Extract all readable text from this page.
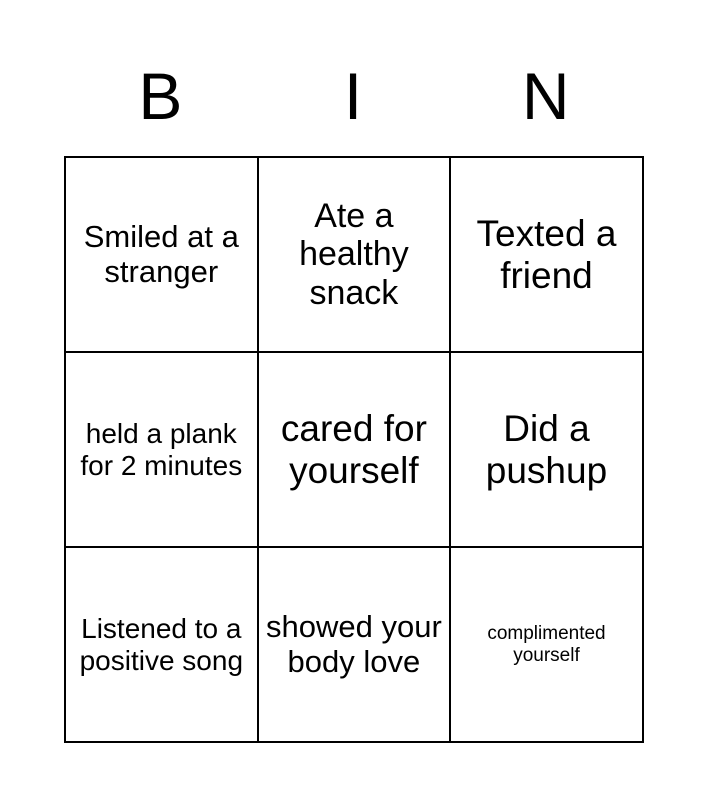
B	I	N
Smiled at a stranger	Ate a healthy snack	Texted a friend
held a plank for 2 minutes	cared for yourself	Did a pushup
Listened to a positive song	showed your body love	complimented yourself
